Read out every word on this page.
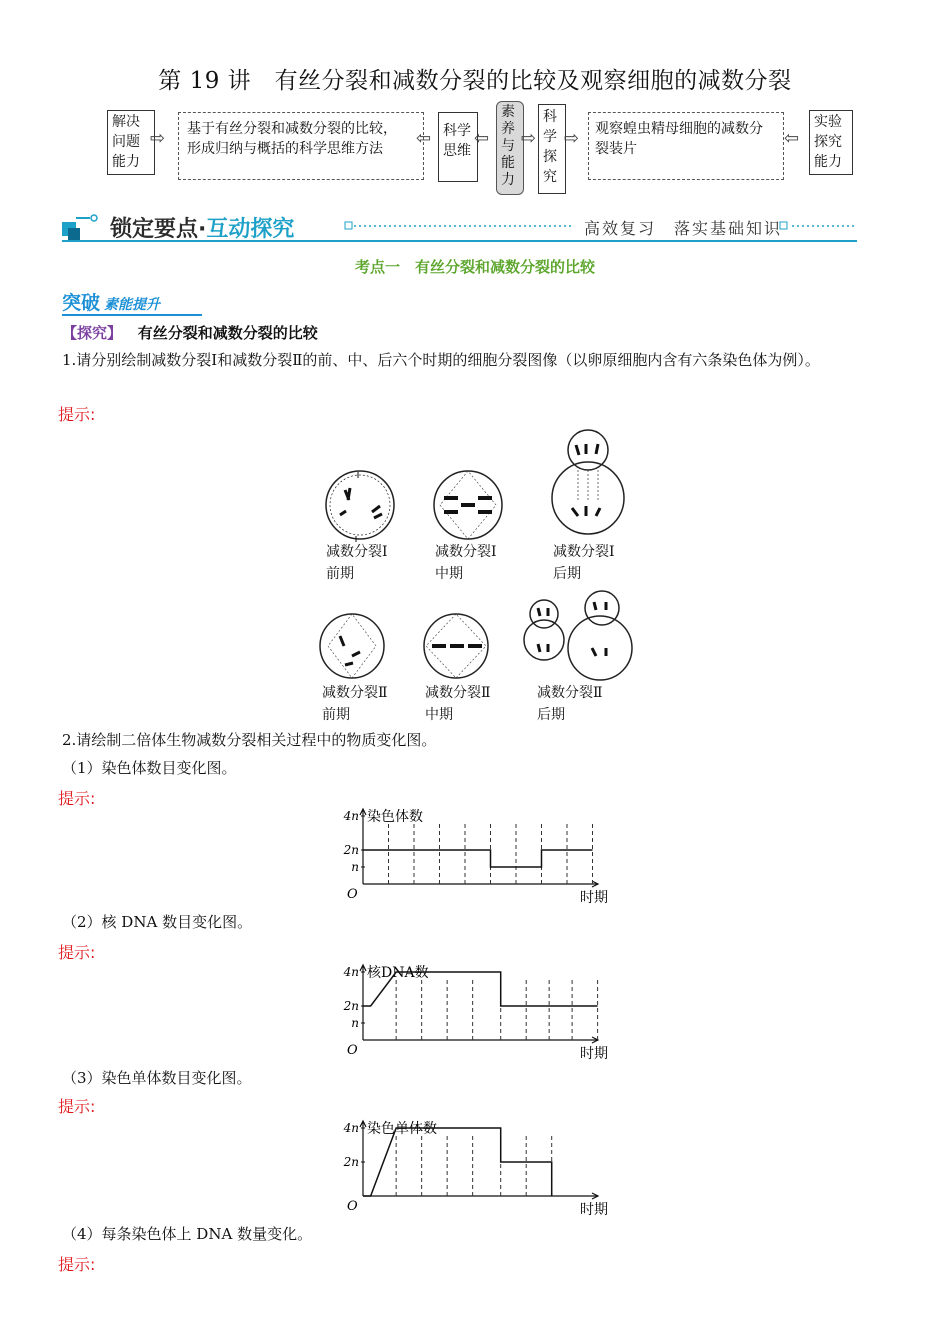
第 19 讲　有丝分裂和减数分裂的比较及观察细胞的减数分裂
解决
问题
能力
⇨	基于有丝分裂和减数分裂的比较，
形成归纳与概括的科学思维方法	⇦ 科学
思维
⇦
素
养
与
能
力
⇨
科
学
探
究
⇨	观察蝗虫精母细胞的减数分
裂装片	⇦
实验
探究
能力
锁定要点·互动探究	高效复习　落实基础知识
考点一　有丝分裂和减数分裂的比较
突破 素能提升
【探究】 有丝分裂和减数分裂的比较
1.请分别绘制减数分裂Ⅰ和减数分裂Ⅱ的前、中、后六个时期的细胞分裂图像（以卵原细胞内含有六条染色体为例）。
提示:
减数分裂Ⅰ
前期
减数分裂Ⅰ
中期
减数分裂Ⅰ
后期
减数分裂Ⅱ
前期
减数分裂Ⅱ
中期
减数分裂Ⅱ
后期
2.请绘制二倍体生物减数分裂相关过程中的物质变化图。
（1）染色体数目变化图。
提示:
染色体数
时期
O
4n
2n
n
（2）核 DNA 数目变化图。
提示:
核DNA数
时期
O
4n
2n
n
（3）染色单体数目变化图。
提示:
染色单体数
时期
O
4n
2n
（4）每条染色体上 DNA 数量变化。
提示:
